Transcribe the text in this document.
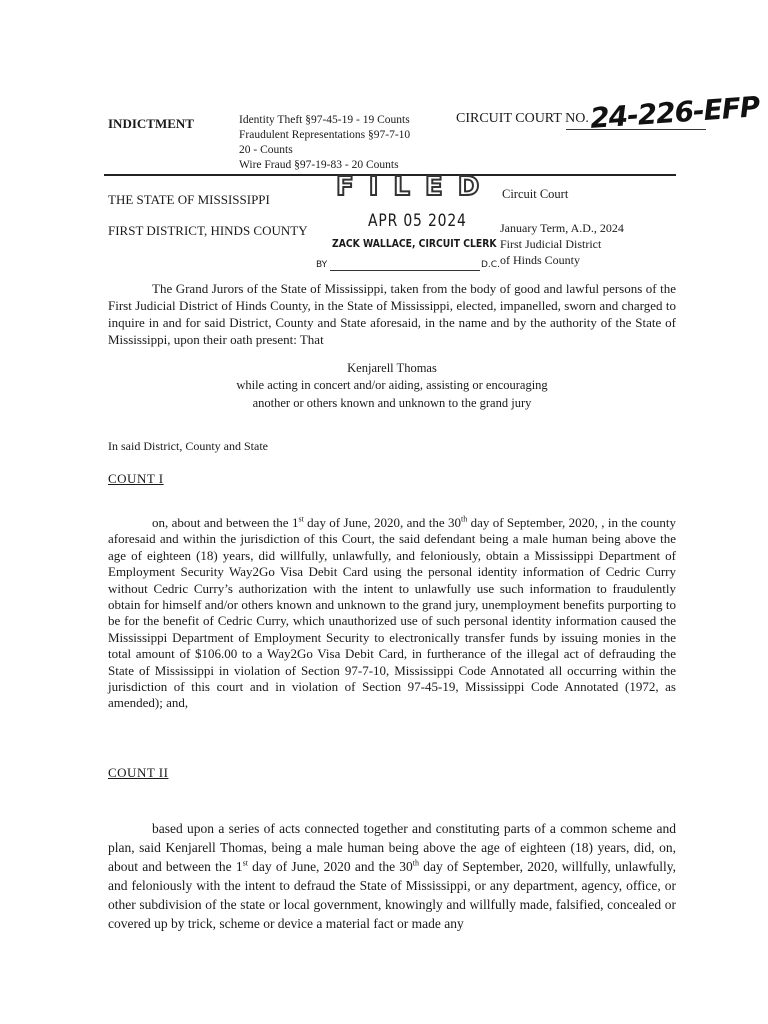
INDICTMENT	Identity Theft §97-45-19 - 19 Counts
Fraudulent Representations §97-7-10
20 - Counts
Wire Fraud §97-19-83 - 20 Counts
CIRCUIT COURT NO. 24-226-EFP
FILED
THE STATE OF MISSISSIPPI
FIRST DISTRICT, HINDS COUNTY
Circuit Court
January Term, A.D., 2024
First Judicial District
of Hinds County
APR 05 2024
ZACK WALLACE, CIRCUIT CLERK
BY	D.C.

The Grand Jurors of the State of Mississippi, taken from the body of good and lawful persons of the First Judicial District of Hinds County, in the State of Mississippi, elected, impanelled, sworn and charged to inquire in and for said District, County and State aforesaid, in the name and by the authority of the State of Mississippi, upon their oath present: That

Kenjarell Thomas
while acting in concert and/or aiding, assisting or encouraging
another or others known and unknown to the grand jury
In said District, County and State
COUNT I

on, about and between the 1st day of June, 2020, and the 30th day of September, 2020, , in the county aforesaid and within the jurisdiction of this Court, the said defendant being a male human being above the age of eighteen (18) years, did willfully, unlawfully, and feloniously, obtain a Mississippi Department of Employment Security Way2Go Visa Debit Card using the personal identity information of Cedric Curry without Cedric Curry’s authorization with the intent to unlawfully use such information to fraudulently obtain for himself and/or others known and unknown to the grand jury, unemployment benefits purporting to be for the benefit of Cedric Curry, which unauthorized use of such personal identity information caused the Mississippi Department of Employment Security to electronically transfer funds by issuing monies in the total amount of $106.00 to a Way2Go Visa Debit Card, in furtherance of the illegal act of defrauding the State of Mississippi in violation of Section 97-7-10, Mississippi Code Annotated all occurring within the jurisdiction of this court and in violation of Section 97-45-19, Mississippi Code Annotated (1972, as amended); and,

COUNT II

based upon a series of acts connected together and constituting parts of a common scheme and plan, said Kenjarell Thomas, being a male human being above the age of eighteen (18) years, did, on, about and between the 1st day of June, 2020 and the 30th day of September, 2020, willfully, unlawfully, and feloniously with the intent to defraud the State of Mississippi, or any department, agency, office, or other subdivision of the state or local government, knowingly and willfully made, falsified, concealed or covered up by trick, scheme or device a material fact or made any
